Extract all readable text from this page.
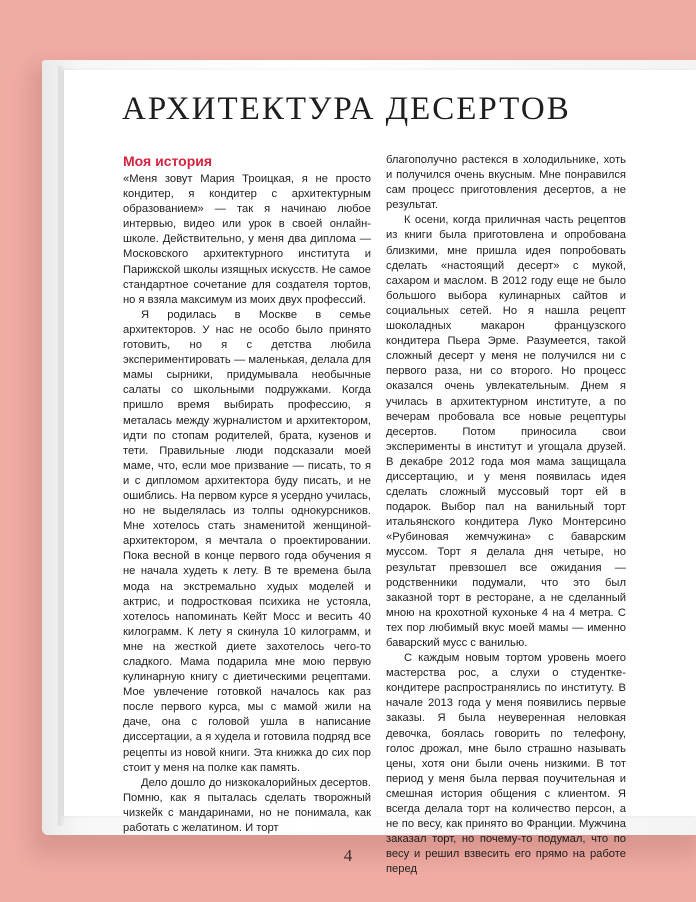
АРХИТЕКТУРА ДЕСЕРТОВ
Моя история

«Меня зовут Мария Троицкая, я не просто кондитер, я кондитер с архитектурным образованием» — так я начинаю любое интервью, видео или урок в своей онлайн-школе. Действительно, у меня два диплома — Московского архитектурного института и Парижской школы изящных искусств. Не самое стандартное сочетание для создателя тортов, но я взяла максимум из моих двух профессий.

Я родилась в Москве в семье архитекторов. У нас не особо было принято готовить, но я с детства любила экспериментировать — маленькая, делала для мамы сырники, придумывала необычные салаты со школьными подружками. Когда пришло время выбирать профессию, я металась между журналистом и архитектором, идти по стопам родителей, брата, кузенов и тети. Правильные люди подсказали моей маме, что, если мое призвание — писать, то я и с дипломом архитектора буду писать, и не ошиблись. На первом курсе я усердно училась, но не выделялась из толпы однокурсников. Мне хотелось стать знаменитой женщиной-архитектором, я мечтала о проектировании. Пока весной в конце первого года обучения я не начала худеть к лету. В те времена была мода на экстремально худых моделей и актрис, и подростковая психика не устояла, хотелось напоминать Кейт Мосс и весить 40 килограмм. К лету я скинула 10 килограмм, и мне на жесткой диете захотелось чего-то сладкого. Мама подарила мне мою первую кулинарную книгу с диетическими рецептами. Мое увлечение готовкой началось как раз после первого курса, мы с мамой жили на даче, она с головой ушла в написание диссертации, а я худела и готовила подряд все рецепты из новой книги. Эта книжка до сих пор стоит у меня на полке как память.

Дело дошло до низкокалорийных десертов. Помню, как я пыталась сделать творожный чизкейк с мандаринами, но не понимала, как работать с желатином. И торт

благополучно растекся в холодильнике, хоть и получился очень вкусным. Мне понравился сам процесс приготовления десертов, а не результат.

К осени, когда приличная часть рецептов из книги была приготовлена и опробована близкими, мне пришла идея попробовать сделать «настоящий десерт» с мукой, сахаром и маслом. В 2012 году еще не было большого выбора кулинарных сайтов и социальных сетей. Но я нашла рецепт шоколадных макарон французского кондитера Пьера Эрме. Разумеется, такой сложный десерт у меня не получился ни с первого раза, ни со второго. Но процесс оказался очень увлекательным. Днем я училась в архитектурном институте, а по вечерам пробовала все новые рецептуры десертов. Потом приносила свои эксперименты в институт и угощала друзей. В декабре 2012 года моя мама защищала диссертацию, и у меня появилась идея сделать сложный муссовый торт ей в подарок. Выбор пал на ванильный торт итальянского кондитера Луко Монтерсино «Рубиновая жемчужина» с баварским муссом. Торт я делала дня четыре, но результат превзошел все ожидания — родственники подумали, что это был заказной торт в ресторане, а не сделанный мною на крохотной кухоньке 4 на 4 метра. С тех пор любимый вкус моей мамы — именно баварский мусс с ванилью.

С каждым новым тортом уровень моего мастерства рос, а слухи о студентке-кондитере распространялись по институту. В начале 2013 года у меня появились первые заказы. Я была неуверенная неловкая девочка, боялась говорить по телефону, голос дрожал, мне было страшно называть цены, хотя они были очень низкими. В тот период у меня была первая поучительная и смешная история общения с клиентом. Я всегда делала торт на количество персон, а не по весу, как принято во Франции. Мужчина заказал торт, но почему-то подумал, что по весу и решил взвесить его прямо на работе перед

4
